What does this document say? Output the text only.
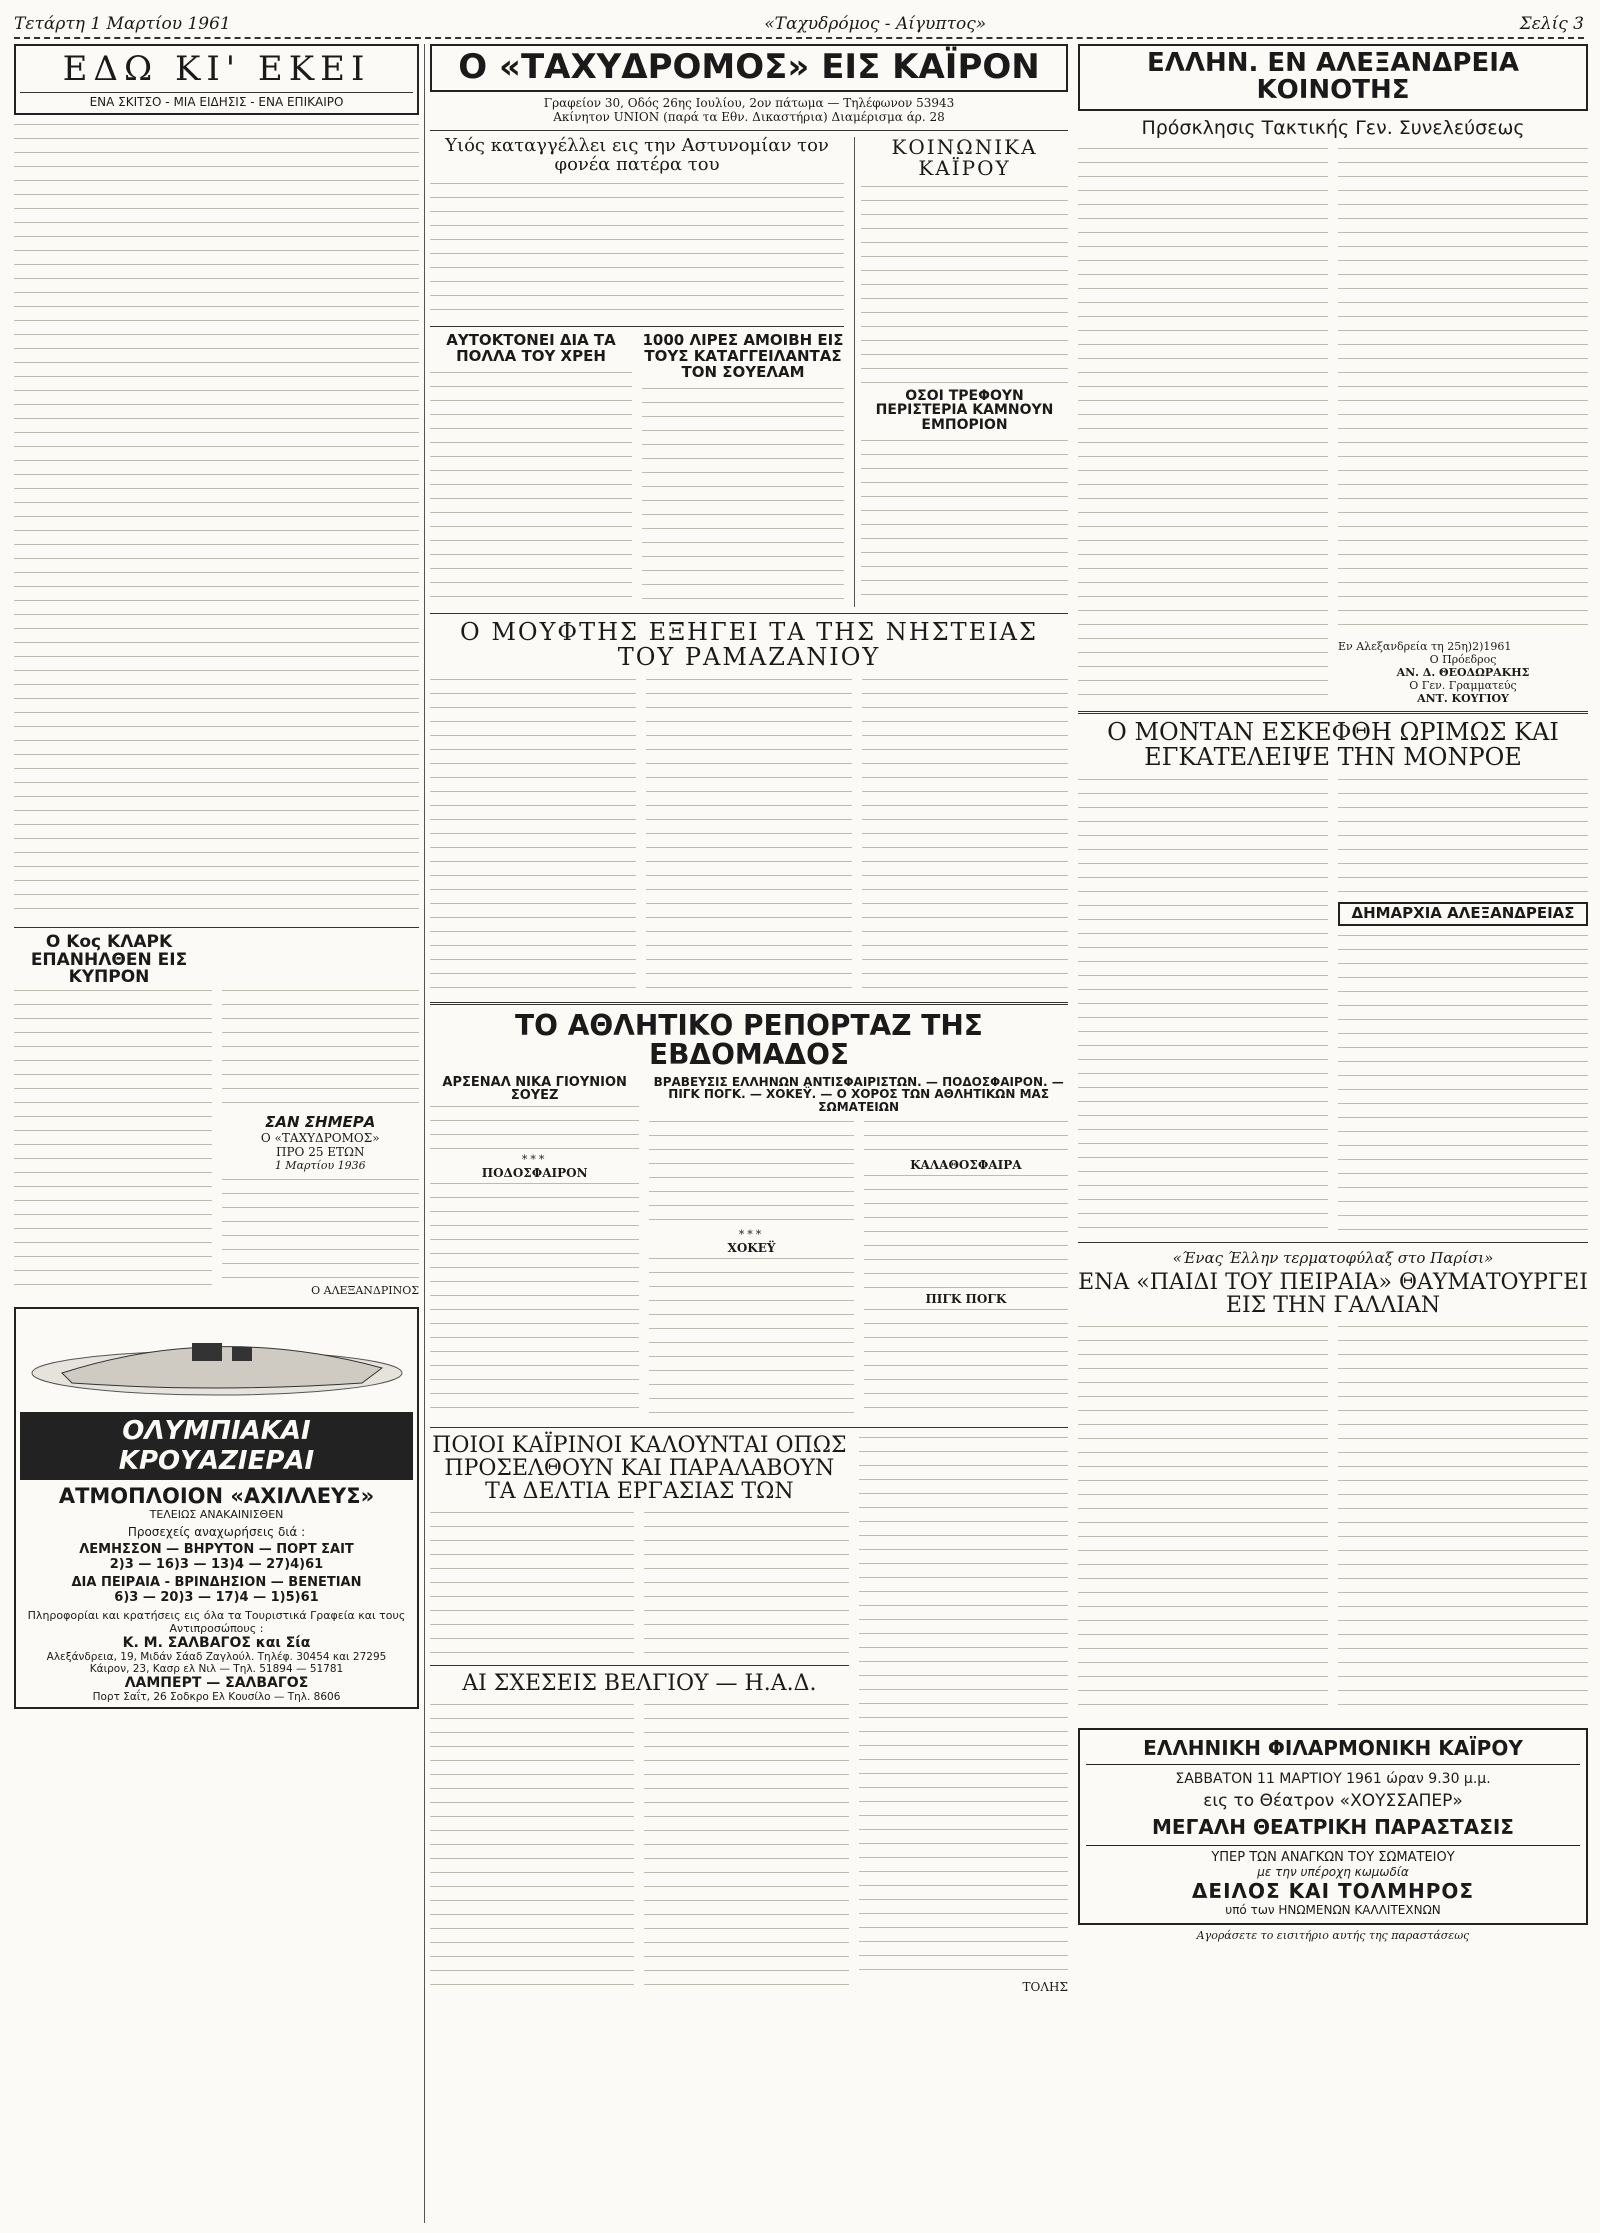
Τετάρτη 1 Μαρτίου 1961	«Ταχυδρόμος - Αίγυπτος»	Σελίς 3
ΕΔΩ ΚΙ' ΕΚΕΙ
ΕΝΑ ΣΚΙΤΣΟ - ΜΙΑ ΕΙΔΗΣΙΣ - ΕΝΑ ΕΠΙΚΑΙΡΟ
Ο Κος ΚΛΑΡΚ ΕΠΑΝΗΛΘΕΝ ΕΙΣ ΚΥΠΡΟΝ
ΣΑΝ ΣΗΜΕΡΑ
Ο «ΤΑΧΥΔΡΟΜΟΣ»
ΠΡΟ 25 ΕΤΩΝ
1 Μαρτίου 1936
Ο ΑΛΕΞΑΝΔΡΙΝΟΣ
ΟΛΥΜΠΙΑΚΑΙ ΚΡΟΥΑΖΙΕΡΑΙ
ΑΤΜΟΠΛΟΙΟΝ «ΑΧΙΛΛΕΥΣ»
ΤΕΛΕΙΩΣ ΑΝΑΚΑΙΝΙΣΘΕΝ
Προσεχείς αναχωρήσεις διά :
ΛΕΜΗΣΣΟΝ — ΒΗΡΥΤΟΝ — ΠΟΡΤ ΣΑΙΤ
2)3 — 16)3 — 13)4 — 27)4)61
ΔΙΑ ΠΕΙΡΑΙΑ - ΒΡΙΝΔΗΣΙΟΝ — ΒΕΝΕΤΙΑΝ
6)3 — 20)3 — 17)4 — 1)5)61
Πληροφορίαι και κρατήσεις εις όλα τα Τουριστικά Γραφεία και τους Αντιπροσώπους :
Κ. Μ. ΣΑΛΒΑΓΟΣ και Σία
Αλεξάνδρεια, 19, Μιδάν Σάαδ Ζαγλούλ. Τηλέφ. 30454 και 27295
Κάιρον, 23, Κασρ ελ Νιλ — Τηλ. 51894 — 51781
ΛΑΜΠΕΡΤ — ΣΑΛΒΑΓΟΣ
Πορτ Σαΐτ, 26 Σοδκρο Ελ Κουσίλο — Τηλ. 8606
Ο «ΤΑΧΥΔΡΟΜΟΣ» ΕΙΣ ΚΑΪΡΟΝ
Γραφείον 30, Οδός 26ης Ιουλίου, 2ον πάτωμα — Τηλέφωνον 53943
Ακίνητον UNION (παρά τα Εθν. Δικαστήρια) Διαμέρισμα άρ. 28
Υιός καταγγέλλει εις την Αστυνομίαν τον φονέα πατέρα του
ΑΥΤΟΚΤΟΝΕΙ ΔΙΑ ΤΑ ΠΟΛΛΑ ΤΟΥ ΧΡΕΗ
1000 ΛΙΡΕΣ ΑΜΟΙΒΗ ΕΙΣ ΤΟΥΣ ΚΑΤΑΓΓΕΙΛΑΝΤΑΣ ΤΟΝ ΣΟΥΕΛΑΜ
ΚΟΙΝΩΝΙΚΑ ΚΑΪΡΟΥ
ΟΣΟΙ ΤΡΕΦΟΥΝ ΠΕΡΙΣΤΕΡΙΑ ΚΑΜΝΟΥΝ ΕΜΠΟΡΙΟΝ
Ο ΜΟΥΦΤΗΣ ΕΞΗΓΕΙ ΤΑ ΤΗΣ ΝΗΣΤΕΙΑΣ ΤΟΥ ΡΑΜΑΖΑΝΙΟΥ
ΤΟ ΑΘΛΗΤΙΚΟ ΡΕΠΟΡΤΑΖ ΤΗΣ ΕΒΔΟΜΑΔΟΣ
ΑΡΣΕΝΑΛ ΝΙΚΑ ΓΙΟΥΝΙΟΝ ΣΟΥΕΖ
***
ΠΟΔΟΣΦΑΙΡΟΝ
ΒΡΑΒΕΥΣΙΣ ΕΛΛΗΝΩΝ ΑΝΤΙΣΦΑΙΡΙΣΤΩΝ. — ΠΟΔΟΣΦΑΙΡΟΝ. — ΠΙΓΚ ΠΟΓΚ. — ΧΟΚΕΫ. — Ο ΧΟΡΟΣ ΤΩΝ ΑΘΛΗΤΙΚΩΝ ΜΑΣ ΣΩΜΑΤΕΙΩΝ
***
ΧΟΚΕΫ
ΚΑΛΑΘΟΣΦΑΙΡΑ
ΠΙΓΚ ΠΟΓΚ
ΠΟΙΟΙ ΚΑΪΡΙΝΟΙ ΚΑΛΟΥΝΤΑΙ ΟΠΩΣ ΠΡΟΣΕΛΘΟΥΝ ΚΑΙ ΠΑΡΑΛΑΒΟΥΝ ΤΑ ΔΕΛΤΙΑ ΕΡΓΑΣΙΑΣ ΤΩΝ
ΑΙ ΣΧΕΣΕΙΣ ΒΕΛΓΙΟΥ — Η.Α.Δ.
ΤΟΛΗΣ
ΕΛΛΗΝ. ΕΝ ΑΛΕΞΑΝΔΡΕΙΑ ΚΟΙΝΟΤΗΣ
Πρόσκλησις Τακτικής Γεν. Συνελεύσεως
Εν Αλεξανδρεία τη 25η)2)1961
Ο Πρόεδρος
ΑΝ. Δ. ΘΕΟΔΩΡΑΚΗΣ
Ο Γεν. Γραμματεύς
ΑΝΤ. ΚΟΥΓΙΟΥ
Ο ΜΟΝΤΑΝ ΕΣΚΕΦΘΗ ΩΡΙΜΩΣ ΚΑΙ ΕΓΚΑΤΕΛΕΙΨΕ ΤΗΝ ΜΟΝΡΟΕ
ΔΗΜΑΡΧΙΑ ΑΛΕΞΑΝΔΡΕΙΑΣ
«Ένας Έλλην τερματοφύλαξ στο Παρίσι»
ΕΝΑ «ΠΑΙΔΙ ΤΟΥ ΠΕΙΡΑΙΑ» ΘΑΥΜΑΤΟΥΡΓΕΙ ΕΙΣ ΤΗΝ ΓΑΛΛΙΑΝ
ΕΛΛΗΝΙΚΗ ΦΙΛΑΡΜΟΝΙΚΗ ΚΑΪΡΟΥ
ΣΑΒΒΑΤΟΝ 11 ΜΑΡΤΙΟΥ 1961 ώραν 9.30 μ.μ.
εις το Θέατρον «ΧΟΥΣΣΑΠΕΡ»
ΜΕΓΑΛΗ ΘΕΑΤΡΙΚΗ ΠΑΡΑΣΤΑΣΙΣ
ΥΠΕΡ ΤΩΝ ΑΝΑΓΚΩΝ ΤΟΥ ΣΩΜΑΤΕΙΟΥ
με την υπέροχη κωμωδία
ΔΕΙΛΟΣ ΚΑΙ ΤΟΛΜΗΡΟΣ
υπό των ΗΝΩΜΕΝΩΝ ΚΑΛΛΙΤΕΧΝΩΝ
Αγοράσετε το εισιτήριο αυτής της παραστάσεως
